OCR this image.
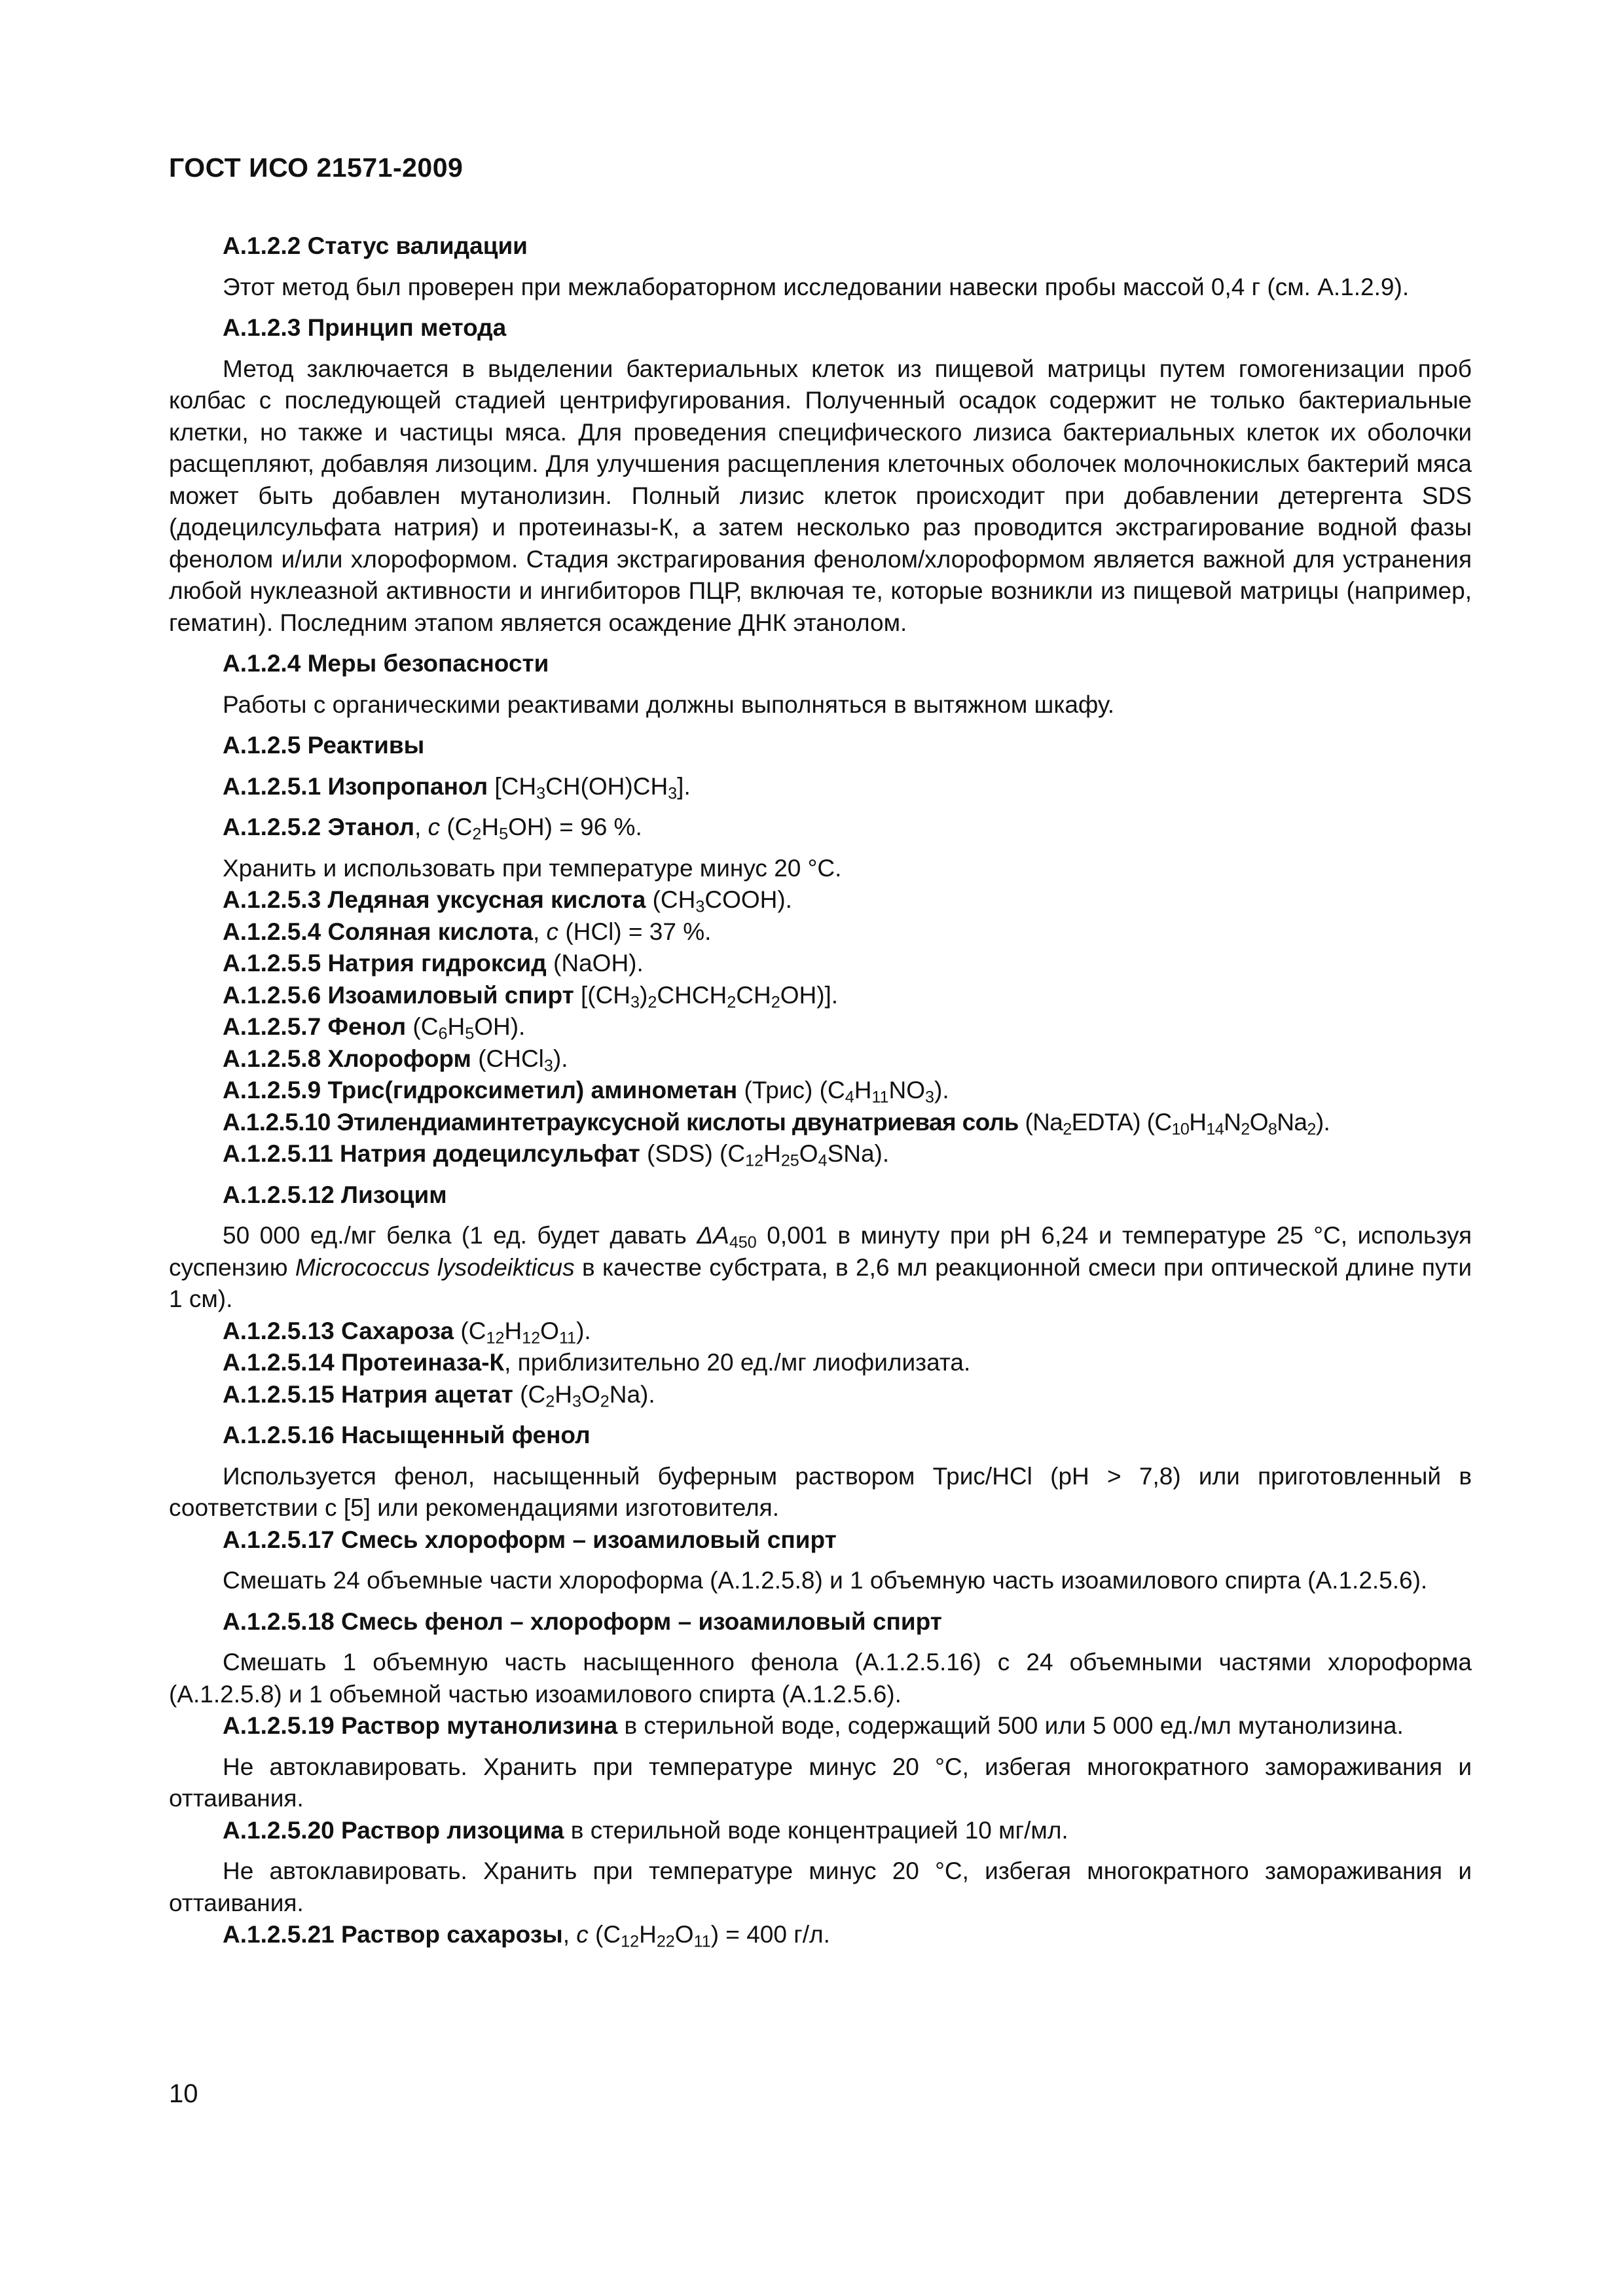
ГОСТ ИСО 21571-2009

А.1.2.2 Статус валидации

Этот метод был проверен при межлабораторном исследовании навески пробы массой 0,4 г (см. А.1.2.9).

А.1.2.3 Принцип метода

Метод заключается в выделении бактериальных клеток из пищевой матрицы путем гомогенизации проб колбас с последующей стадией центрифугирования. Полученный осадок содержит не только бактериальные клетки, но также и частицы мяса. Для проведения специфического лизиса бактериальных клеток их оболочки расщепляют, добавляя лизоцим. Для улучшения расщепления клеточных оболочек молочнокислых бактерий мяса может быть добавлен мутанолизин. Полный лизис клеток происходит при добавлении детергента SDS (додецилсульфата натрия) и протеиназы-К, а затем несколько раз проводится экстрагирование водной фазы фенолом и/или хлороформом. Стадия экстрагирования фенолом/хлороформом является важной для устранения любой нуклеазной активности и ингибиторов ПЦР, включая те, которые возникли из пищевой матрицы (например, гематин). Последним этапом является осаждение ДНК этанолом.

А.1.2.4 Меры безопасности

Работы с органическими реактивами должны выполняться в вытяжном шкафу.

А.1.2.5 Реактивы

А.1.2.5.1 Изопропанол $[CH_3CH(OH)CH_3]$.

А.1.2.5.2 Этанол, c $(C_2H_5OH) = 96$ %.

Хранить и использовать при температуре минус 20 °С.

А.1.2.5.3 Ледяная уксусная кислота $(CH_3COOH)$.

А.1.2.5.4 Соляная кислота, c (HCl) = 37 %.

А.1.2.5.5 Натрия гидроксид (NaOH).

А.1.2.5.6 Изоамиловый спирт $[(CH_3)_2CHCH_2CH_2OH)$].

А.1.2.5.7 Фенол $(C_6H_5OH)$.

А.1.2.5.8 Хлороформ (CHCl$_3$).

А.1.2.5.9 Трис(гидроксиметил) аминометан (Трис) $(C_4H_{11}NO_3)$.

А.1.2.5.10 Этилендиаминтетрауксусной кислоты двунатриевая соль $(Na_2EDTA)$ $(C_{10}H_{14}N_2O_8Na_2)$.

А.1.2.5.11 Натрия додецилсульфат (SDS) $(C_{12}H_{25}O_4SNa)$.

А.1.2.5.12 Лизоцим

50 000 ед./мг белка (1 ед. будет давать $\Delta A_{450}$ 0,001 в минуту при рН 6,24 и температуре 25 °С, используя суспензию Micrococcus lysodeikticus в качестве субстрата, в 2,6 мл реакционной смеси при оптической длине пути 1 см).

А.1.2.5.13 Сахароза $(C_{12}H_{12}O_{11})$.

А.1.2.5.14 Протеиназа-К, приблизительно 20 ед./мг лиофилизата.

А.1.2.5.15 Натрия ацетат $(C_2H_3O_2Na)$.

А.1.2.5.16 Насыщенный фенол

Используется фенол, насыщенный буферным раствором Трис/HCl (рН > 7,8) или приготовленный в соответствии с [5] или рекомендациями изготовителя.

А.1.2.5.17 Смесь хлороформ – изоамиловый спирт

Смешать 24 объемные части хлороформа (А.1.2.5.8) и 1 объемную часть изоамилового спирта (А.1.2.5.6).

А.1.2.5.18 Смесь фенол – хлороформ – изоамиловый спирт

Смешать 1 объемную часть насыщенного фенола (А.1.2.5.16) с 24 объемными частями хлороформа (А.1.2.5.8) и 1 объемной частью изоамилового спирта (А.1.2.5.6).

А.1.2.5.19 Раствор мутанолизина в стерильной воде, содержащий 500 или 5 000 ед./мл мутанолизина.

Не автоклавировать. Хранить при температуре минус 20 °С, избегая многократного замораживания и оттаивания.

А.1.2.5.20 Раствор лизоцима в стерильной воде концентрацией 10 мг/мл.

Не автоклавировать. Хранить при температуре минус 20 °С, избегая многократного замораживания и оттаивания.

А.1.2.5.21 Раствор сахарозы, c $(C_{12}H_{22}O_{11}) = 400$ г/л.

10
